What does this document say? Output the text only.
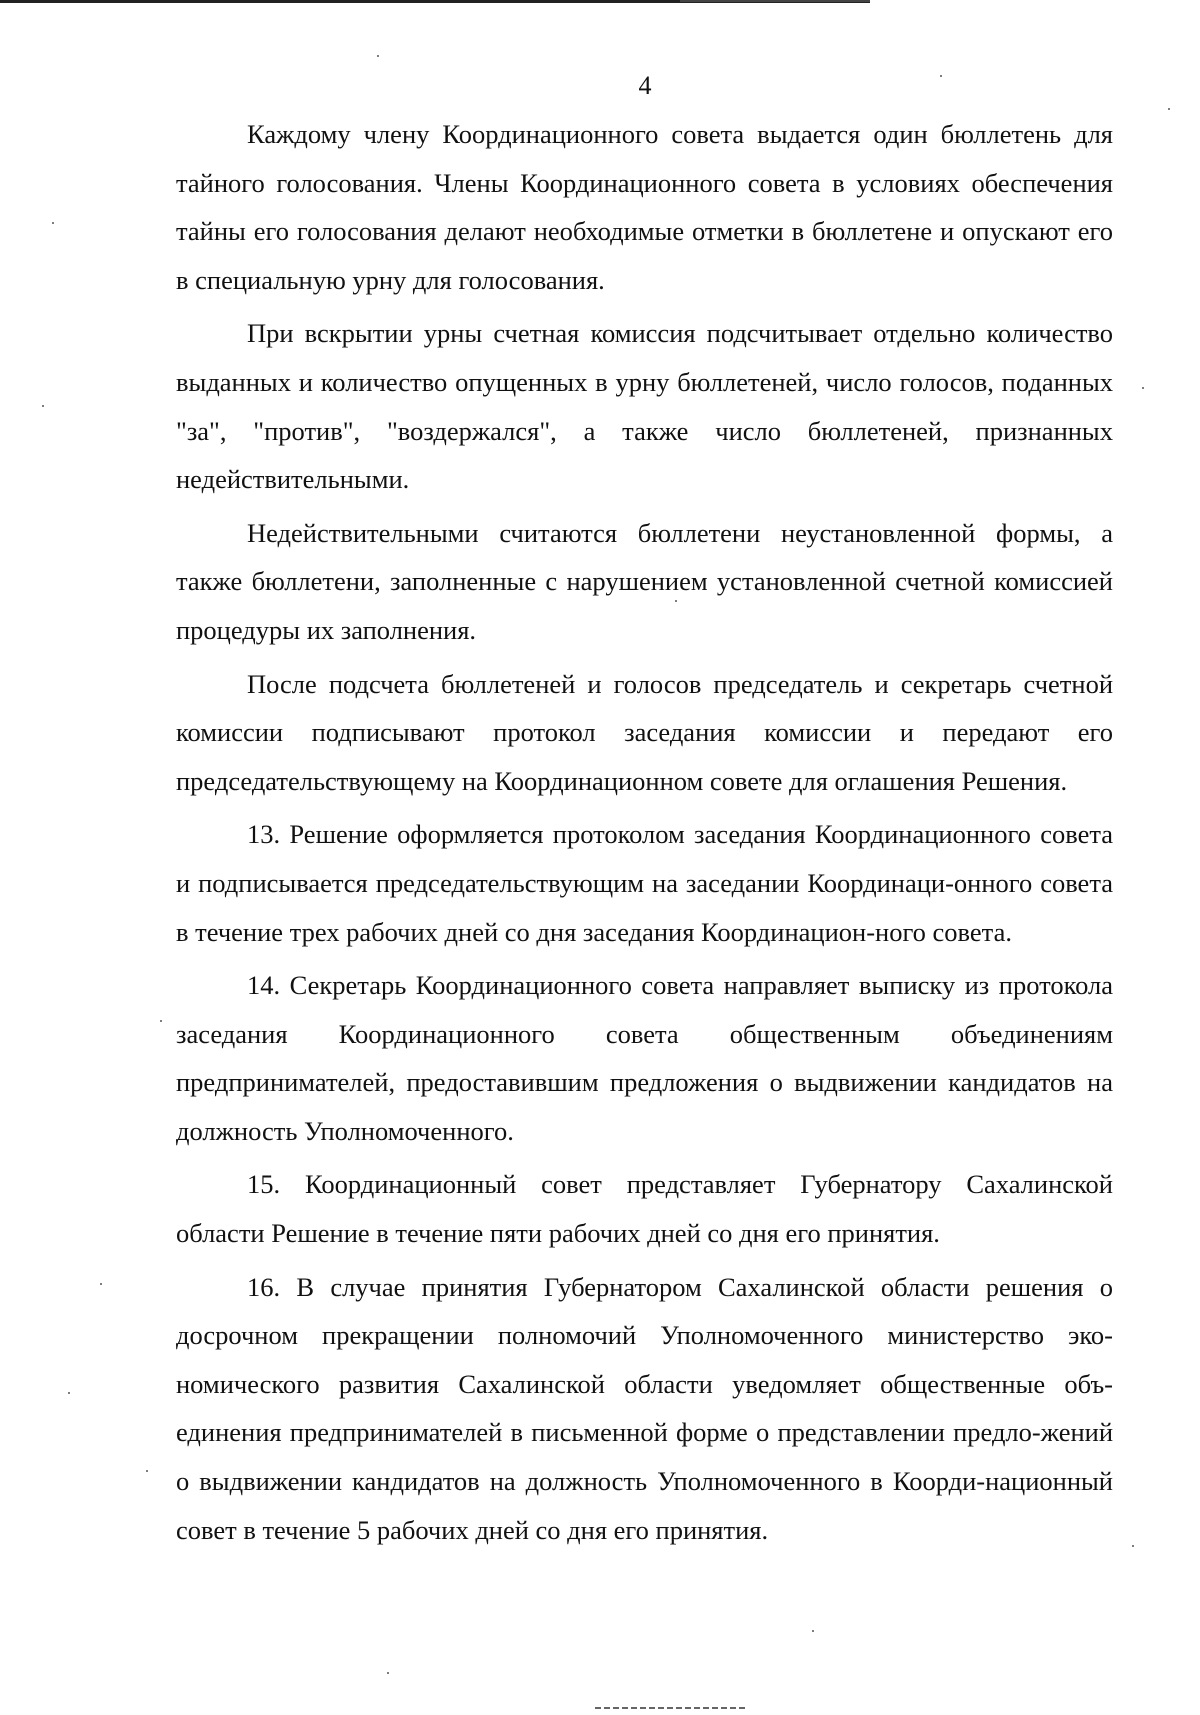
4

Каждому члену Координационного совета выдается один бюллетень для тайного голосования. Члены Координационного совета в условиях обеспечения тайны его голосования делают необходимые отметки в бюллетене и опускают его в специальную урну для голосования.

При вскрытии урны счетная комиссия подсчитывает отдельно количество выданных и количество опущенных в урну бюллетеней, число голосов, поданных "за", "против", "воздержался", а также число бюллетеней, признанных недействительными.

Недействительными считаются бюллетени неустановленной формы, а также бюллетени, заполненные с нарушением установленной счетной комиссией процедуры их заполнения.

После подсчета бюллетеней и голосов председатель и секретарь счетной комиссии подписывают протокол заседания комиссии и передают его председательствующему на Координационном совете для оглашения Решения.

13. Решение оформляется протоколом заседания Координационного совета и подписывается председательствующим на заседании Координаци-онного совета в течение трех рабочих дней со дня заседания Координацион-ного совета.

14. Секретарь Координационного совета направляет выписку из протокола заседания Координационного совета общественным объединениям предпринимателей, предоставившим предложения о выдвижении кандидатов на должность Уполномоченного.

15. Координационный совет представляет Губернатору Сахалинской области Решение в течение пяти рабочих дней со дня его принятия.

16. В случае принятия Губернатором Сахалинской области решения о досрочном прекращении полномочий Уполномоченного министерство эко-номического развития Сахалинской области уведомляет общественные объ-единения предпринимателей в письменной форме о представлении предло-жений о выдвижении кандидатов на должность Уполномоченного в Коорди-национный совет в течение 5 рабочих дней со дня его принятия.
